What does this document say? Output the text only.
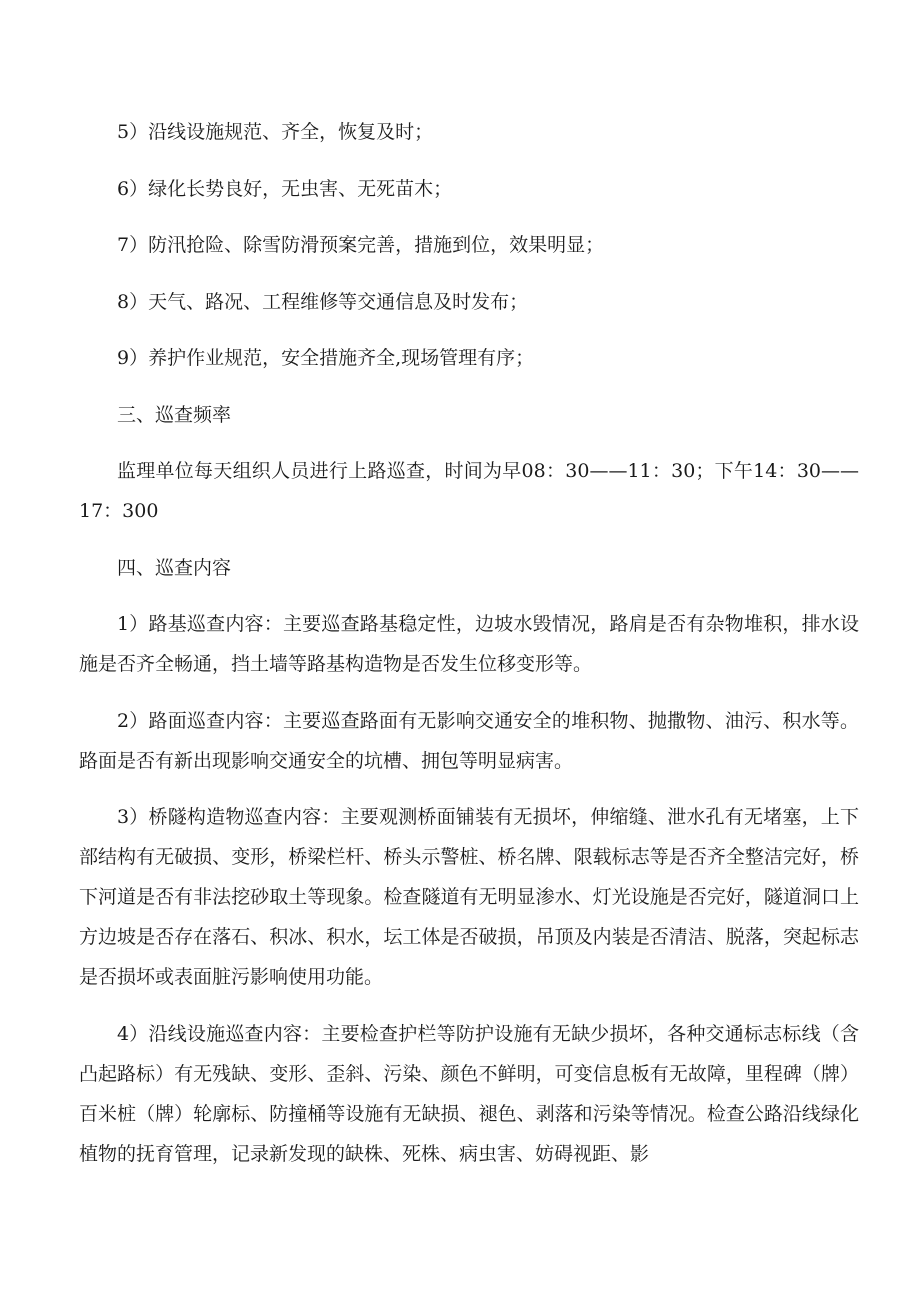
5）沿线设施规范、齐全，恢复及时；

6）绿化长势良好，无虫害、无死苗木；

7）防汛抢险、除雪防滑预案完善，措施到位，效果明显；

8）天气、路况、工程维修等交通信息及时发布；

9）养护作业规范，安全措施齐全,现场管理有序；

三、巡查频率

监理单位每天组织人员进行上路巡查，时间为早08：30——11：30；下午14：30——17：300

四、巡查内容

1）路基巡查内容：主要巡查路基稳定性，边坡水毁情况，路肩是否有杂物堆积，排水设施是否齐全畅通，挡土墙等路基构造物是否发生位移变形等。

2）路面巡查内容：主要巡查路面有无影响交通安全的堆积物、抛撒物、油污、积水等。路面是否有新出现影响交通安全的坑槽、拥包等明显病害。

3）桥隧构造物巡查内容：主要观测桥面铺装有无损坏，伸缩缝、泄水孔有无堵塞，上下部结构有无破损、变形，桥梁栏杆、桥头示警桩、桥名牌、限载标志等是否齐全整洁完好，桥下河道是否有非法挖砂取土等现象。检查隧道有无明显渗水、灯光设施是否完好，隧道洞口上方边坡是否存在落石、积冰、积水，坛工体是否破损，吊顶及内装是否清洁、脱落，突起标志是否损坏或表面脏污影响使用功能。

4）沿线设施巡查内容：主要检查护栏等防护设施有无缺少损坏，各种交通标志标线（含凸起路标）有无残缺、变形、歪斜、污染、颜色不鲜明，可变信息板有无故障，里程碑（牌）百米桩（牌）轮廓标、防撞桶等设施有无缺损、褪色、剥落和污染等情况。检查公路沿线绿化植物的抚育管理，记录新发现的缺株、死株、病虫害、妨碍视距、影
